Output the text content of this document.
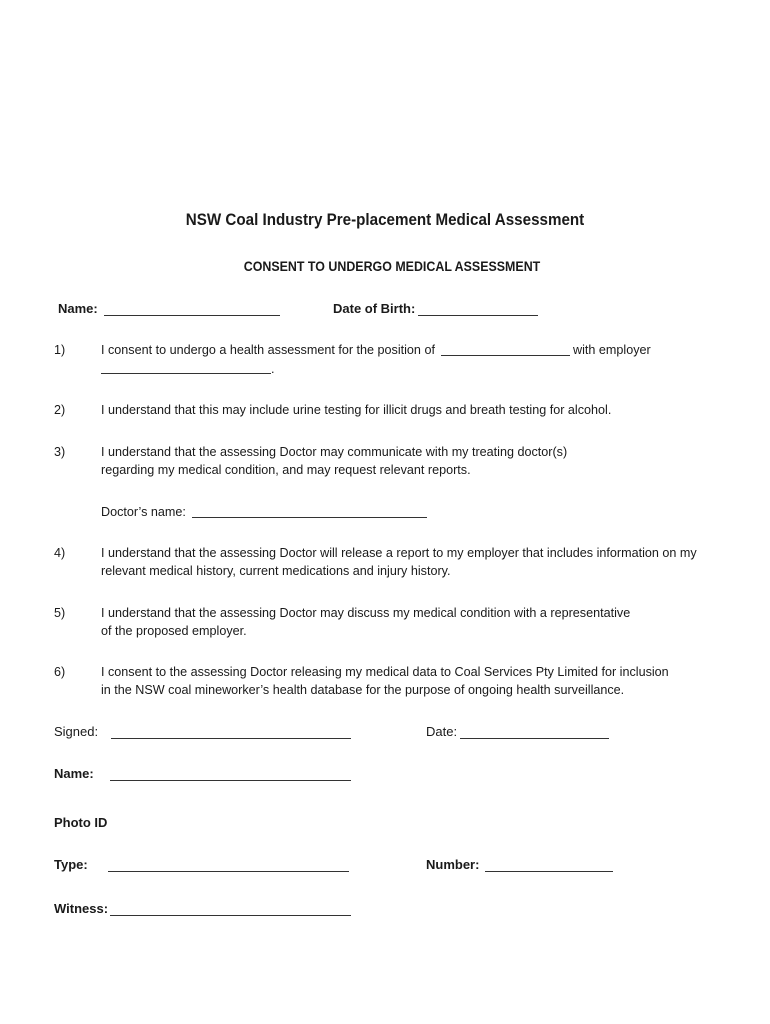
NSW Coal Industry Pre-placement Medical Assessment
CONSENT TO UNDERGO MEDICAL ASSESSMENT
Name:	Date of Birth:
1)	I consent to undergo a health assessment for the position of	with employer
.
2)	I understand that this may include urine testing for illicit drugs and breath testing for alcohol.
3)	I understand that the assessing Doctor may communicate with my treating doctor(s)
regarding my medical condition, and may request relevant reports.
Doctor’s name:
4)	I understand that the assessing Doctor will release a report to my employer that includes information on my
relevant medical history, current medications and injury history.
5)	I understand that the assessing Doctor may discuss my medical condition with a representative
of the proposed employer.
6)	I consent to the assessing Doctor releasing my medical data to Coal Services Pty Limited for inclusion
in the NSW coal mineworker’s health database for the purpose of ongoing health surveillance.
Signed:	Date:
Name:
Photo ID
Type:	Number:
Witness:
